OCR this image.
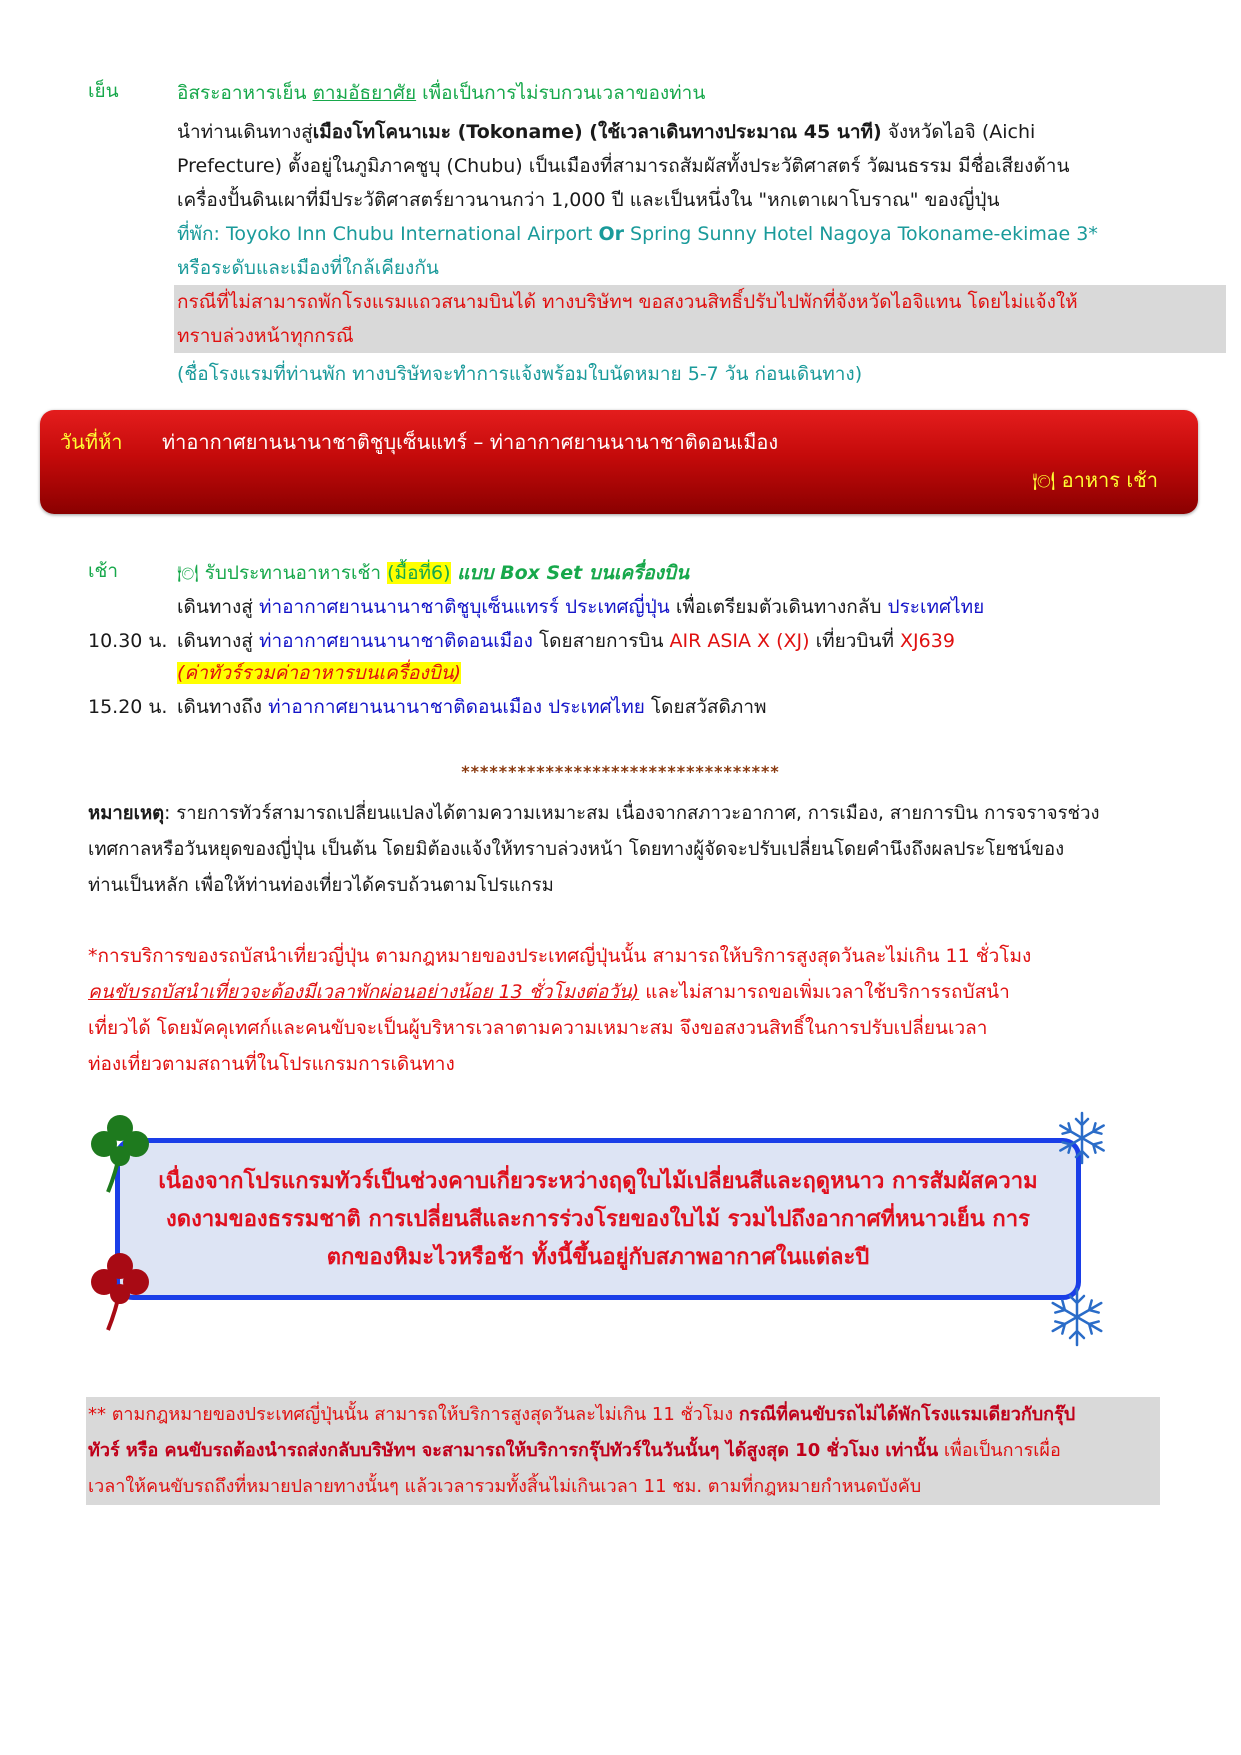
เย็น	อิสระอาหารเย็น ตามอัธยาศัย เพื่อเป็นการไม่รบกวนเวลาของท่าน
นำท่านเดินทางสู่เมืองโทโคนาเมะ (Tokoname) (ใช้เวลาเดินทางประมาณ 45 นาที) จังหวัดไอจิ (Aichi
Prefecture) ตั้งอยู่ในภูมิภาคชูบุ (Chubu) เป็นเมืองที่สามารถสัมผัสทั้งประวัติศาสตร์ วัฒนธรรม มีชื่อเสียงด้าน
เครื่องปั้นดินเผาที่มีประวัติศาสตร์ยาวนานกว่า 1,000 ปี และเป็นหนึ่งใน "หกเตาเผาโบราณ" ของญี่ปุ่น
ที่พัก: Toyoko Inn Chubu International Airport Or Spring Sunny Hotel Nagoya Tokoname-ekimae 3*
หรือระดับและเมืองที่ใกล้เคียงกัน
กรณีที่ไม่สามารถพักโรงแรมแถวสนามบินได้ ทางบริษัทฯ ขอสงวนสิทธิ์ปรับไปพักที่จังหวัดไอจิแทน โดยไม่แจ้งให้
ทราบล่วงหน้าทุกกรณี
(ชื่อโรงแรมที่ท่านพัก ทางบริษัทจะทำการแจ้งพร้อมใบนัดหมาย 5-7 วัน ก่อนเดินทาง)
วันที่ห้า ท่าอากาศยานนานาชาติชูบุเซ็นแทร์ – ท่าอากาศยานนานาชาติดอนเมือง
🍽 อาหาร เช้า
เช้า	🍽 รับประทานอาหารเช้า (มื้อที่6) แบบ Box Set บนเครื่องบิน
เดินทางสู่ ท่าอากาศยานนานาชาติชูบุเซ็นแทรร์ ประเทศญี่ปุ่น เพื่อเตรียมตัวเดินทางกลับ ประเทศไทย
10.30 น. เดินทางสู่ ท่าอากาศยานนานาชาติดอนเมือง โดยสายการบิน AIR ASIA X (XJ) เที่ยวบินที่ XJ639
(ค่าทัวร์รวมค่าอาหารบนเครื่องบิน)
15.20 น. เดินทางถึง ท่าอากาศยานนานาชาติดอนเมือง ประเทศไทย โดยสวัสดิภาพ
**********************************
หมายเหตุ: รายการทัวร์สามารถเปลี่ยนแปลงได้ตามความเหมาะสม เนื่องจากสภาวะอากาศ, การเมือง, สายการบิน การจราจรช่วง
เทศกาลหรือวันหยุดของญี่ปุ่น เป็นต้น โดยมิต้องแจ้งให้ทราบล่วงหน้า โดยทางผู้จัดจะปรับเปลี่ยนโดยคำนึงถึงผลประโยชน์ของ
ท่านเป็นหลัก เพื่อให้ท่านท่องเที่ยวได้ครบถ้วนตามโปรแกรม
*การบริการของรถบัสนำเที่ยวญี่ปุ่น ตามกฎหมายของประเทศญี่ปุ่นนั้น สามารถให้บริการสูงสุดวันละไม่เกิน 11 ชั่วโมง
คนขับรถบัสนำเที่ยวจะต้องมีเวลาพักผ่อนอย่างน้อย 13 ชั่วโมงต่อวัน) และไม่สามารถขอเพิ่มเวลาใช้บริการรถบัสนำ
เที่ยวได้ โดยมัคคุเทศก์และคนขับจะเป็นผู้บริหารเวลาตามความเหมาะสม จึงขอสงวนสิทธิ์ในการปรับเปลี่ยนเวลา
ท่องเที่ยวตามสถานที่ในโปรแกรมการเดินทาง
เนื่องจากโปรแกรมทัวร์เป็นช่วงคาบเกี่ยวระหว่างฤดูใบไม้เปลี่ยนสีและฤดูหนาว การสัมผัสความ
งดงามของธรรมชาติ การเปลี่ยนสีและการร่วงโรยของใบไม้ รวมไปถึงอากาศที่หนาวเย็น การ
ตกของหิมะไวหรือช้า ทั้งนี้ขึ้นอยู่กับสภาพอากาศในแต่ละปี
** ตามกฎหมายของประเทศญี่ปุ่นนั้น สามารถให้บริการสูงสุดวันละไม่เกิน 11 ชั่วโมง กรณีที่คนขับรถไม่ได้พักโรงแรมเดียวกับกรุ๊ป
ทัวร์ หรือ คนขับรถต้องนำรถส่งกลับบริษัทฯ จะสามารถให้บริการกรุ๊ปทัวร์ในวันนั้นๆ ได้สูงสุด 10 ชั่วโมง เท่านั้น เพื่อเป็นการเผื่อ
เวลาให้คนขับรถถึงที่หมายปลายทางนั้นๆ แล้วเวลารวมทั้งสิ้นไม่เกินเวลา 11 ชม. ตามที่กฎหมายกำหนดบังคับ
